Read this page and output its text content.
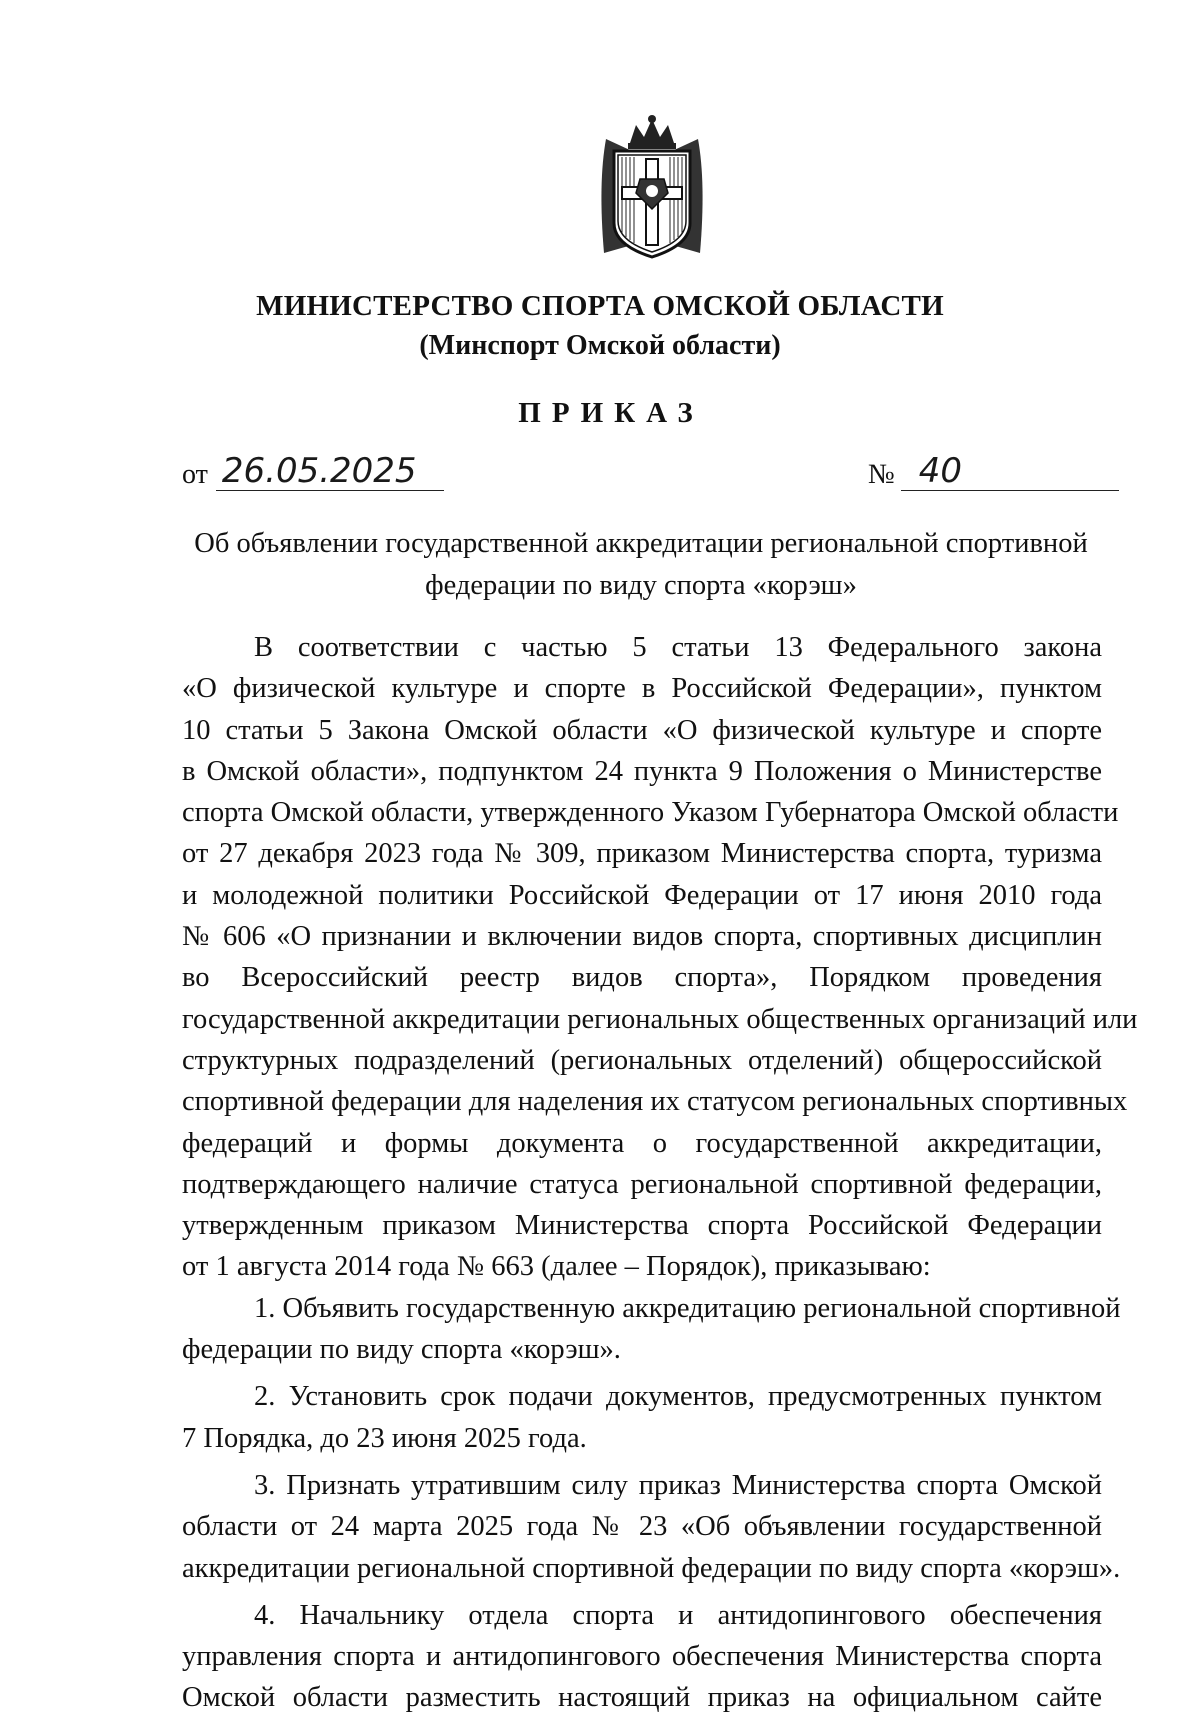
МИНИСТЕРСТВО СПОРТА ОМСКОЙ ОБЛАСТИ
(Минспорт Омской области)
ПРИКАЗ
от 26.05.2025	№ 40
Об объявлении государственной аккредитации региональной спортивной
федерации по виду спорта «корэш»
В соответствии с частью 5 статьи 13 Федерального закона
«О физической культуре и спорте в Российской Федерации», пунктом
10 статьи 5 Закона Омской области «О физической культуре и спорте
в Омской области», подпунктом 24 пункта 9 Положения о Министерстве
спорта Омской области, утвержденного Указом Губернатора Омской области
от 27 декабря 2023 года № 309, приказом Министерства спорта, туризма
и молодежной политики Российской Федерации от 17 июня 2010 года
№ 606 «О признании и включении видов спорта, спортивных дисциплин
во Всероссийский реестр видов спорта», Порядком проведения
государственной аккредитации региональных общественных организаций или
структурных подразделений (региональных отделений) общероссийской
спортивной федерации для наделения их статусом региональных спортивных
федераций и формы документа о государственной аккредитации,
подтверждающего наличие статуса региональной спортивной федерации,
утвержденным приказом Министерства спорта Российской Федерации
от 1 августа 2014 года № 663 (далее – Порядок), приказываю:
1. Объявить государственную аккредитацию региональной спортивной
федерации по виду спорта «корэш».
2. Установить срок подачи документов, предусмотренных пунктом
7 Порядка, до 23 июня 2025 года.
3. Признать утратившим силу приказ Министерства спорта Омской
области от 24 марта 2025 года № 23 «Об объявлении государственной
аккредитации региональной спортивной федерации по виду спорта «корэш».
4. Начальнику отдела спорта и антидопингового обеспечения
управления спорта и антидопингового обеспечения Министерства спорта
Омской области разместить настоящий приказ на официальном сайте
